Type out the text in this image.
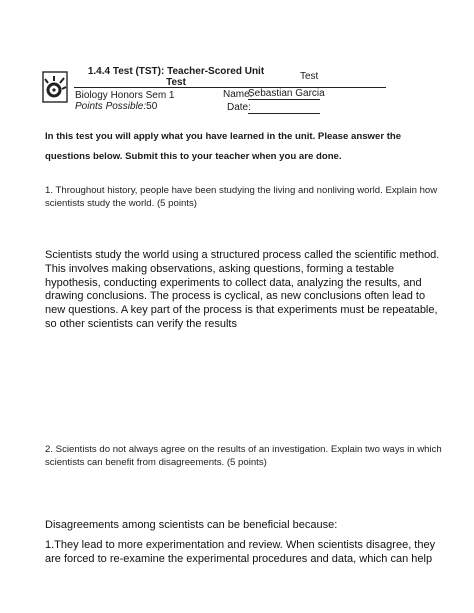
1.4.4 Test (TST): Teacher-Scored Unit Test
Test
Biology Honors Sem 1
Points Possible:50
Name:
Sebastian Garcia
Date:
In this test you will apply what you have learned in the unit. Please answer the questions below. Submit this to your teacher when you are done.
1. Throughout history, people have been studying the living and nonliving world. Explain how scientists study the world. (5 points)
Scientists study the world using a structured process called the scientific method. This involves making observations, asking questions, forming a testable hypothesis, conducting experiments to collect data, analyzing the results, and drawing conclusions. The process is cyclical, as new conclusions often lead to new questions. A key part of the process is that experiments must be repeatable, so other scientists can verify the results
2. Scientists do not always agree on the results of an investigation. Explain two ways in which scientists can benefit from disagreements. (5 points)
Disagreements among scientists can be beneficial because:
1.They lead to more experimentation and review. When scientists disagree, they are forced to re-examine the experimental procedures and data, which can help
